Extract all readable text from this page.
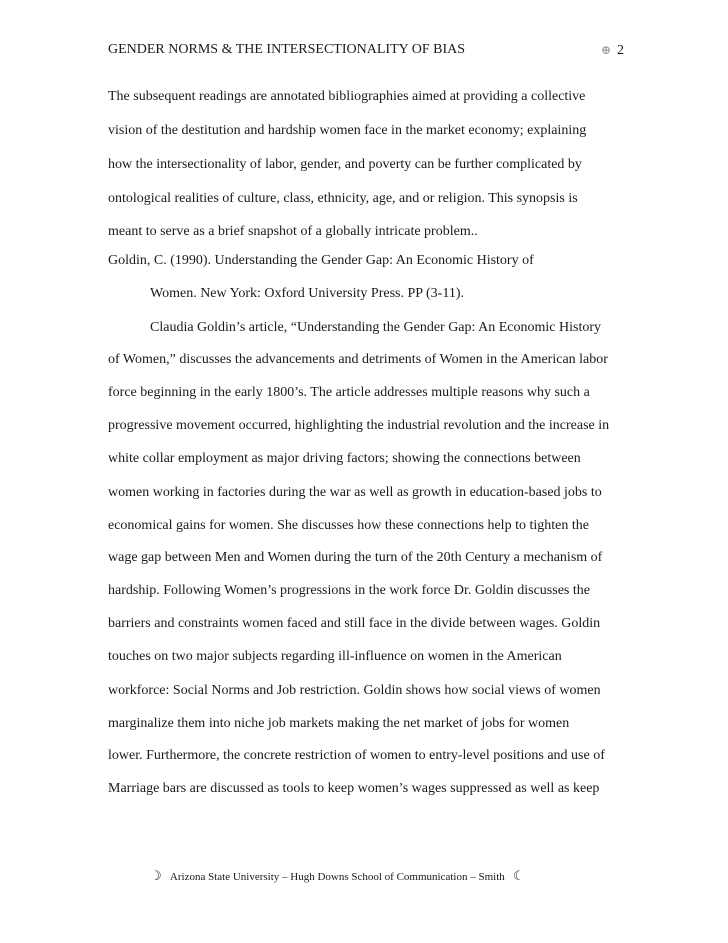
GENDER NORMS & THE INTERSECTIONALITY OF BIAS	⊕ 2
The subsequent readings are annotated bibliographies aimed at providing a collective
vision of the destitution and hardship women face in the market economy; explaining
how the intersectionality of labor, gender, and poverty can be further complicated by
ontological realities of culture, class, ethnicity, age, and or religion. This synopsis is
meant to serve as a brief snapshot of a globally intricate problem..
Goldin, C. (1990). Understanding the Gender Gap: An Economic History of
Women. New York: Oxford University Press. PP (3-11).
Claudia Goldin’s article, “Understanding the Gender Gap: An Economic History
of Women,” discusses the advancements and detriments of Women in the American labor
force beginning in the early 1800’s. The article addresses multiple reasons why such a
progressive movement occurred, highlighting the industrial revolution and the increase in
white collar employment as major driving factors; showing the connections between
women working in factories during the war as well as growth in education-based jobs to
economical gains for women. She discusses how these connections help to tighten the
wage gap between Men and Women during the turn of the 20th Century a mechanism of
hardship. Following Women’s progressions in the work force Dr. Goldin discusses the
barriers and constraints women faced and still face in the divide between wages. Goldin
touches on two major subjects regarding ill-influence on women in the American
workforce: Social Norms and Job restriction. Goldin shows how social views of women
marginalize them into niche job markets making the net market of jobs for women
lower. Furthermore, the concrete restriction of women to entry-level positions and use of
Marriage bars are discussed as tools to keep women’s wages suppressed as well as keep
☽ Arizona State University – Hugh Downs School of Communication – Smith ☾
